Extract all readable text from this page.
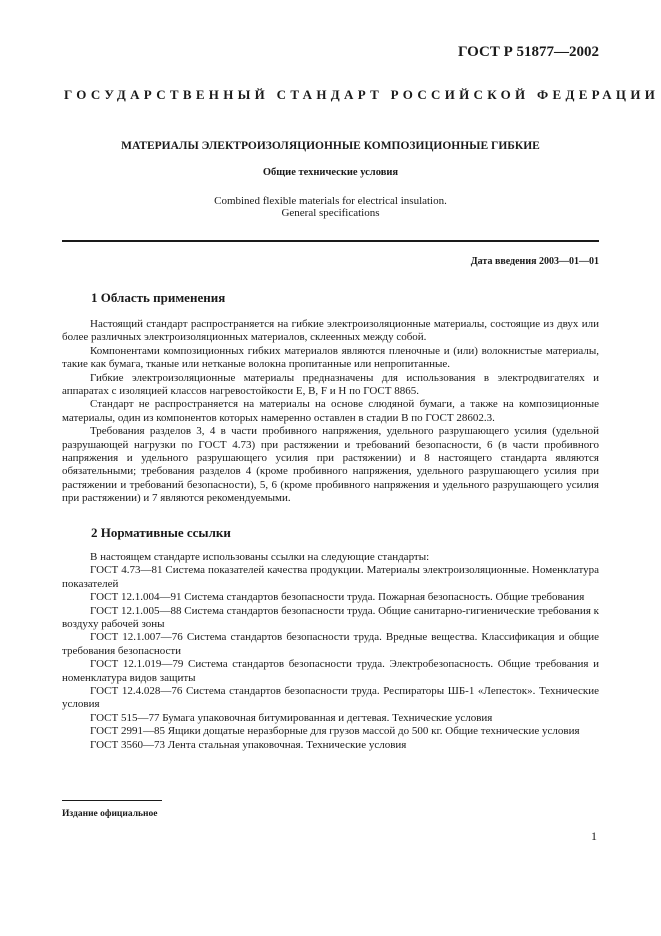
ГОСТ Р 51877—2002
ГОСУДАРСТВЕННЫЙ СТАНДАРТ РОССИЙСКОЙ ФЕДЕРАЦИИ
МАТЕРИАЛЫ ЭЛЕКТРОИЗОЛЯЦИОННЫЕ КОМПОЗИЦИОННЫЕ ГИБКИЕ
Общие технические условия
Combined flexible materials for electrical insulation.
General specifications
Дата введения 2003—01—01
1 Область применения

Настоящий стандарт распространяется на гибкие электроизоляционные материалы, состоящие из двух или более различных электроизоляционных материалов, склеенных между собой.

Компонентами композиционных гибких материалов являются пленочные и (или) волокнистые материалы, такие как бумага, тканые или нетканые волокна пропитанные или непропитанные.

Гибкие электроизоляционные материалы предназначены для использования в электродвигателях и аппаратах с изоляцией классов нагревостойкости E, B, F и H по ГОСТ 8865.

Стандарт не распространяется на материалы на основе слюдяной бумаги, а также на композиционные материалы, один из компонентов которых намеренно оставлен в стадии В по ГОСТ 28602.3.

Требования разделов 3, 4 в части пробивного напряжения, удельного разрушающего усилия (удельной разрушающей нагрузки по ГОСТ 4.73) при растяжении и требований безопасности, 6 (в части пробивного напряжения и удельного разрушающего усилия при растяжении) и 8 настоящего стандарта являются обязательными; требования разделов 4 (кроме пробивного напряжения, удельного разрушающего усилия при растяжении и требований безопасности), 5, 6 (кроме пробивного напряжения и удельного разрушающего усилия при растяжении) и 7 являются рекомендуемыми.

2 Нормативные ссылки

В настоящем стандарте использованы ссылки на следующие стандарты:

ГОСТ 4.73—81 Система показателей качества продукции. Материалы электроизоляционные. Номенклатура показателей

ГОСТ 12.1.004—91 Система стандартов безопасности труда. Пожарная безопасность. Общие требования

ГОСТ 12.1.005—88 Система стандартов безопасности труда. Общие санитарно-гигиенические требования к воздуху рабочей зоны

ГОСТ 12.1.007—76 Система стандартов безопасности труда. Вредные вещества. Классификация и общие требования безопасности

ГОСТ 12.1.019—79 Система стандартов безопасности труда. Электробезопасность. Общие требования и номенклатура видов защиты

ГОСТ 12.4.028—76 Система стандартов безопасности труда. Респираторы ШБ-1 «Лепесток». Технические условия

ГОСТ 515—77 Бумага упаковочная битумированная и дегтевая. Технические условия

ГОСТ 2991—85 Ящики дощатые неразборные для грузов массой до 500 кг. Общие технические условия

ГОСТ 3560—73 Лента стальная упаковочная. Технические условия

Издание официальное
1
